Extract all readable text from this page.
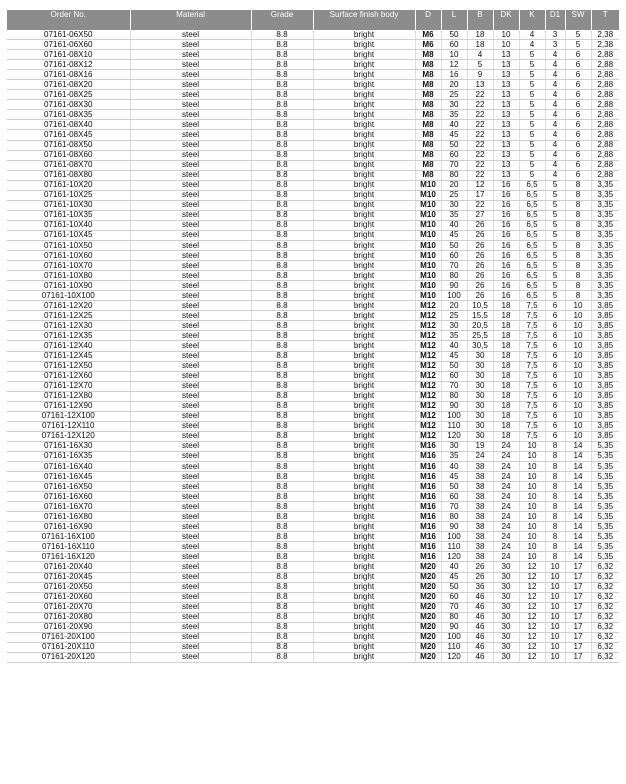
Order No.	Material	Grade	Surface finish body	D	L	B	DK	K	D1	SW	T
07161-06X50	steel	8.8	bright	M6	50	18	10	4	3	5	2,38
07161-06X60	steel	8.8	bright	M6	60	18	10	4	3	5	2,38
07161-08X10	steel	8.8	bright	M8	10	4	13	5	4	6	2,88
07161-08X12	steel	8.8	bright	M8	12	5	13	5	4	6	2,88
07161-08X16	steel	8.8	bright	M8	16	9	13	5	4	6	2,88
07161-08X20	steel	8.8	bright	M8	20	13	13	5	4	6	2,88
07161-08X25	steel	8.8	bright	M8	25	22	13	5	4	6	2,88
07161-08X30	steel	8.8	bright	M8	30	22	13	5	4	6	2,88
07161-08X35	steel	8.8	bright	M8	35	22	13	5	4	6	2,88
07161-08X40	steel	8.8	bright	M8	40	22	13	5	4	6	2,88
07161-08X45	steel	8.8	bright	M8	45	22	13	5	4	6	2,88
07161-08X50	steel	8.8	bright	M8	50	22	13	5	4	6	2,88
07161-08X60	steel	8.8	bright	M8	60	22	13	5	4	6	2,88
07161-08X70	steel	8.8	bright	M8	70	22	13	5	4	6	2,88
07161-08X80	steel	8.8	bright	M8	80	22	13	5	4	6	2,88
07161-10X20	steel	8.8	bright	M10	20	12	16	6,5	5	8	3,35
07161-10X25	steel	8.8	bright	M10	25	17	16	6,5	5	8	3,35
07161-10X30	steel	8.8	bright	M10	30	22	16	6,5	5	8	3,35
07161-10X35	steel	8.8	bright	M10	35	27	16	6,5	5	8	3,35
07161-10X40	steel	8.8	bright	M10	40	26	16	6,5	5	8	3,35
07161-10X45	steel	8.8	bright	M10	45	26	16	6,5	5	8	3,35
07161-10X50	steel	8.8	bright	M10	50	26	16	6,5	5	8	3,35
07161-10X60	steel	8.8	bright	M10	60	26	16	6,5	5	8	3,35
07161-10X70	steel	8.8	bright	M10	70	26	16	6,5	5	8	3,35
07161-10X80	steel	8.8	bright	M10	80	26	16	6,5	5	8	3,35
07161-10X90	steel	8.8	bright	M10	90	26	16	6,5	5	8	3,35
07161-10X100	steel	8.8	bright	M10	100	26	16	6,5	5	8	3,35
07161-12X20	steel	8.8	bright	M12	20	10,5	18	7,5	6	10	3,85
07161-12X25	steel	8.8	bright	M12	25	15,5	18	7,5	6	10	3,85
07161-12X30	steel	8.8	bright	M12	30	20,5	18	7,5	6	10	3,85
07161-12X35	steel	8.8	bright	M12	35	25,5	18	7,5	6	10	3,85
07161-12X40	steel	8.8	bright	M12	40	30,5	18	7,5	6	10	3,85
07161-12X45	steel	8.8	bright	M12	45	30	18	7,5	6	10	3,85
07161-12X50	steel	8.8	bright	M12	50	30	18	7,5	6	10	3,85
07161-12X60	steel	8.8	bright	M12	60	30	18	7,5	6	10	3,85
07161-12X70	steel	8.8	bright	M12	70	30	18	7,5	6	10	3,85
07161-12X80	steel	8.8	bright	M12	80	30	18	7,5	6	10	3,85
07161-12X90	steel	8.8	bright	M12	90	30	18	7,5	6	10	3,85
07161-12X100	steel	8.8	bright	M12	100	30	18	7,5	6	10	3,85
07161-12X110	steel	8.8	bright	M12	110	30	18	7,5	6	10	3,85
07161-12X120	steel	8.8	bright	M12	120	30	18	7,5	6	10	3,85
07161-16X30	steel	8.8	bright	M16	30	19	24	10	8	14	5,35
07161-16X35	steel	8.8	bright	M16	35	24	24	10	8	14	5,35
07161-16X40	steel	8.8	bright	M16	40	38	24	10	8	14	5,35
07161-16X45	steel	8.8	bright	M16	45	38	24	10	8	14	5,35
07161-16X50	steel	8.8	bright	M16	50	38	24	10	8	14	5,35
07161-16X60	steel	8.8	bright	M16	60	38	24	10	8	14	5,35
07161-16X70	steel	8.8	bright	M16	70	38	24	10	8	14	5,35
07161-16X80	steel	8.8	bright	M16	80	38	24	10	8	14	5,35
07161-16X90	steel	8.8	bright	M16	90	38	24	10	8	14	5,35
07161-16X100	steel	8.8	bright	M16	100	38	24	10	8	14	5,35
07161-16X110	steel	8.8	bright	M16	110	38	24	10	8	14	5,35
07161-16X120	steel	8.8	bright	M16	120	38	24	10	8	14	5,35
07161-20X40	steel	8.8	bright	M20	40	26	30	12	10	17	6,32
07161-20X45	steel	8.8	bright	M20	45	26	30	12	10	17	6,32
07161-20X50	steel	8.8	bright	M20	50	36	30	12	10	17	6,32
07161-20X60	steel	8.8	bright	M20	60	46	30	12	10	17	6,32
07161-20X70	steel	8.8	bright	M20	70	46	30	12	10	17	6,32
07161-20X80	steel	8.8	bright	M20	80	46	30	12	10	17	6,32
07161-20X90	steel	8.8	bright	M20	90	46	30	12	10	17	6,32
07161-20X100	steel	8.8	bright	M20	100	46	30	12	10	17	6,32
07161-20X110	steel	8.8	bright	M20	110	46	30	12	10	17	6,32
07161-20X120	steel	8.8	bright	M20	120	46	30	12	10	17	6,32
